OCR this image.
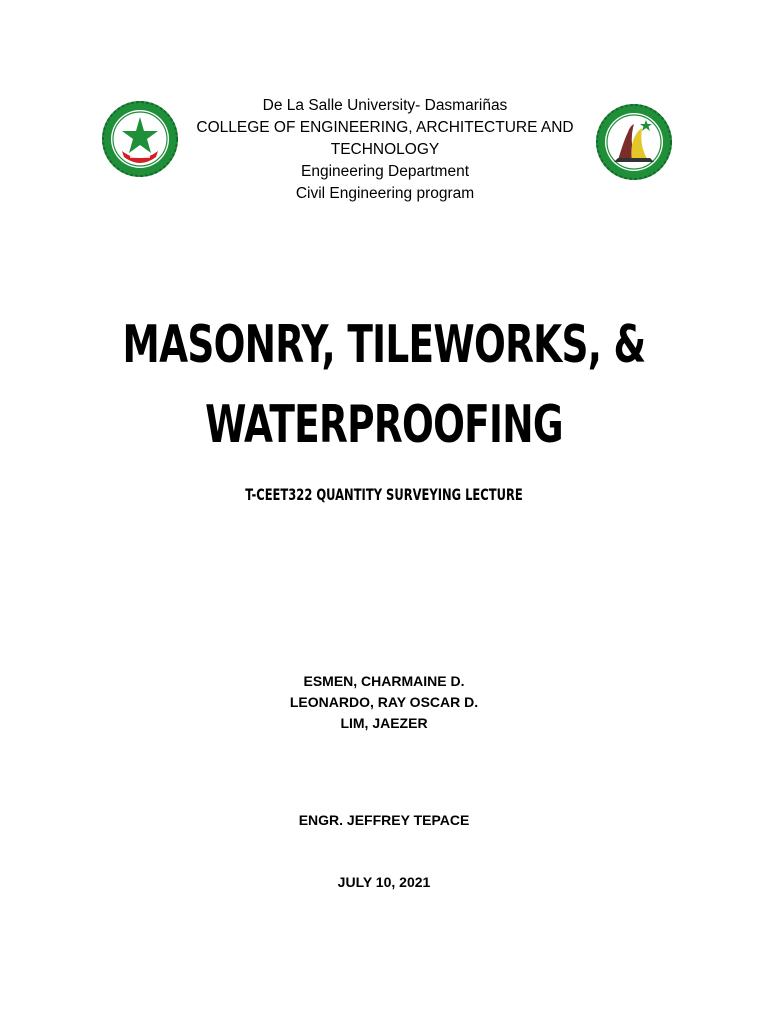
De La Salle University- Dasmariñas
COLLEGE OF ENGINEERING, ARCHITECTURE AND TECHNOLOGY
Engineering Department
Civil Engineering program
MASONRY, TILEWORKS, &
WATERPROOFING
T-CEET322 QUANTITY SURVEYING LECTURE
ESMEN, CHARMAINE D.
LEONARDO, RAY OSCAR D.
LIM, JAEZER
ENGR. JEFFREY TEPACE
JULY 10, 2021
